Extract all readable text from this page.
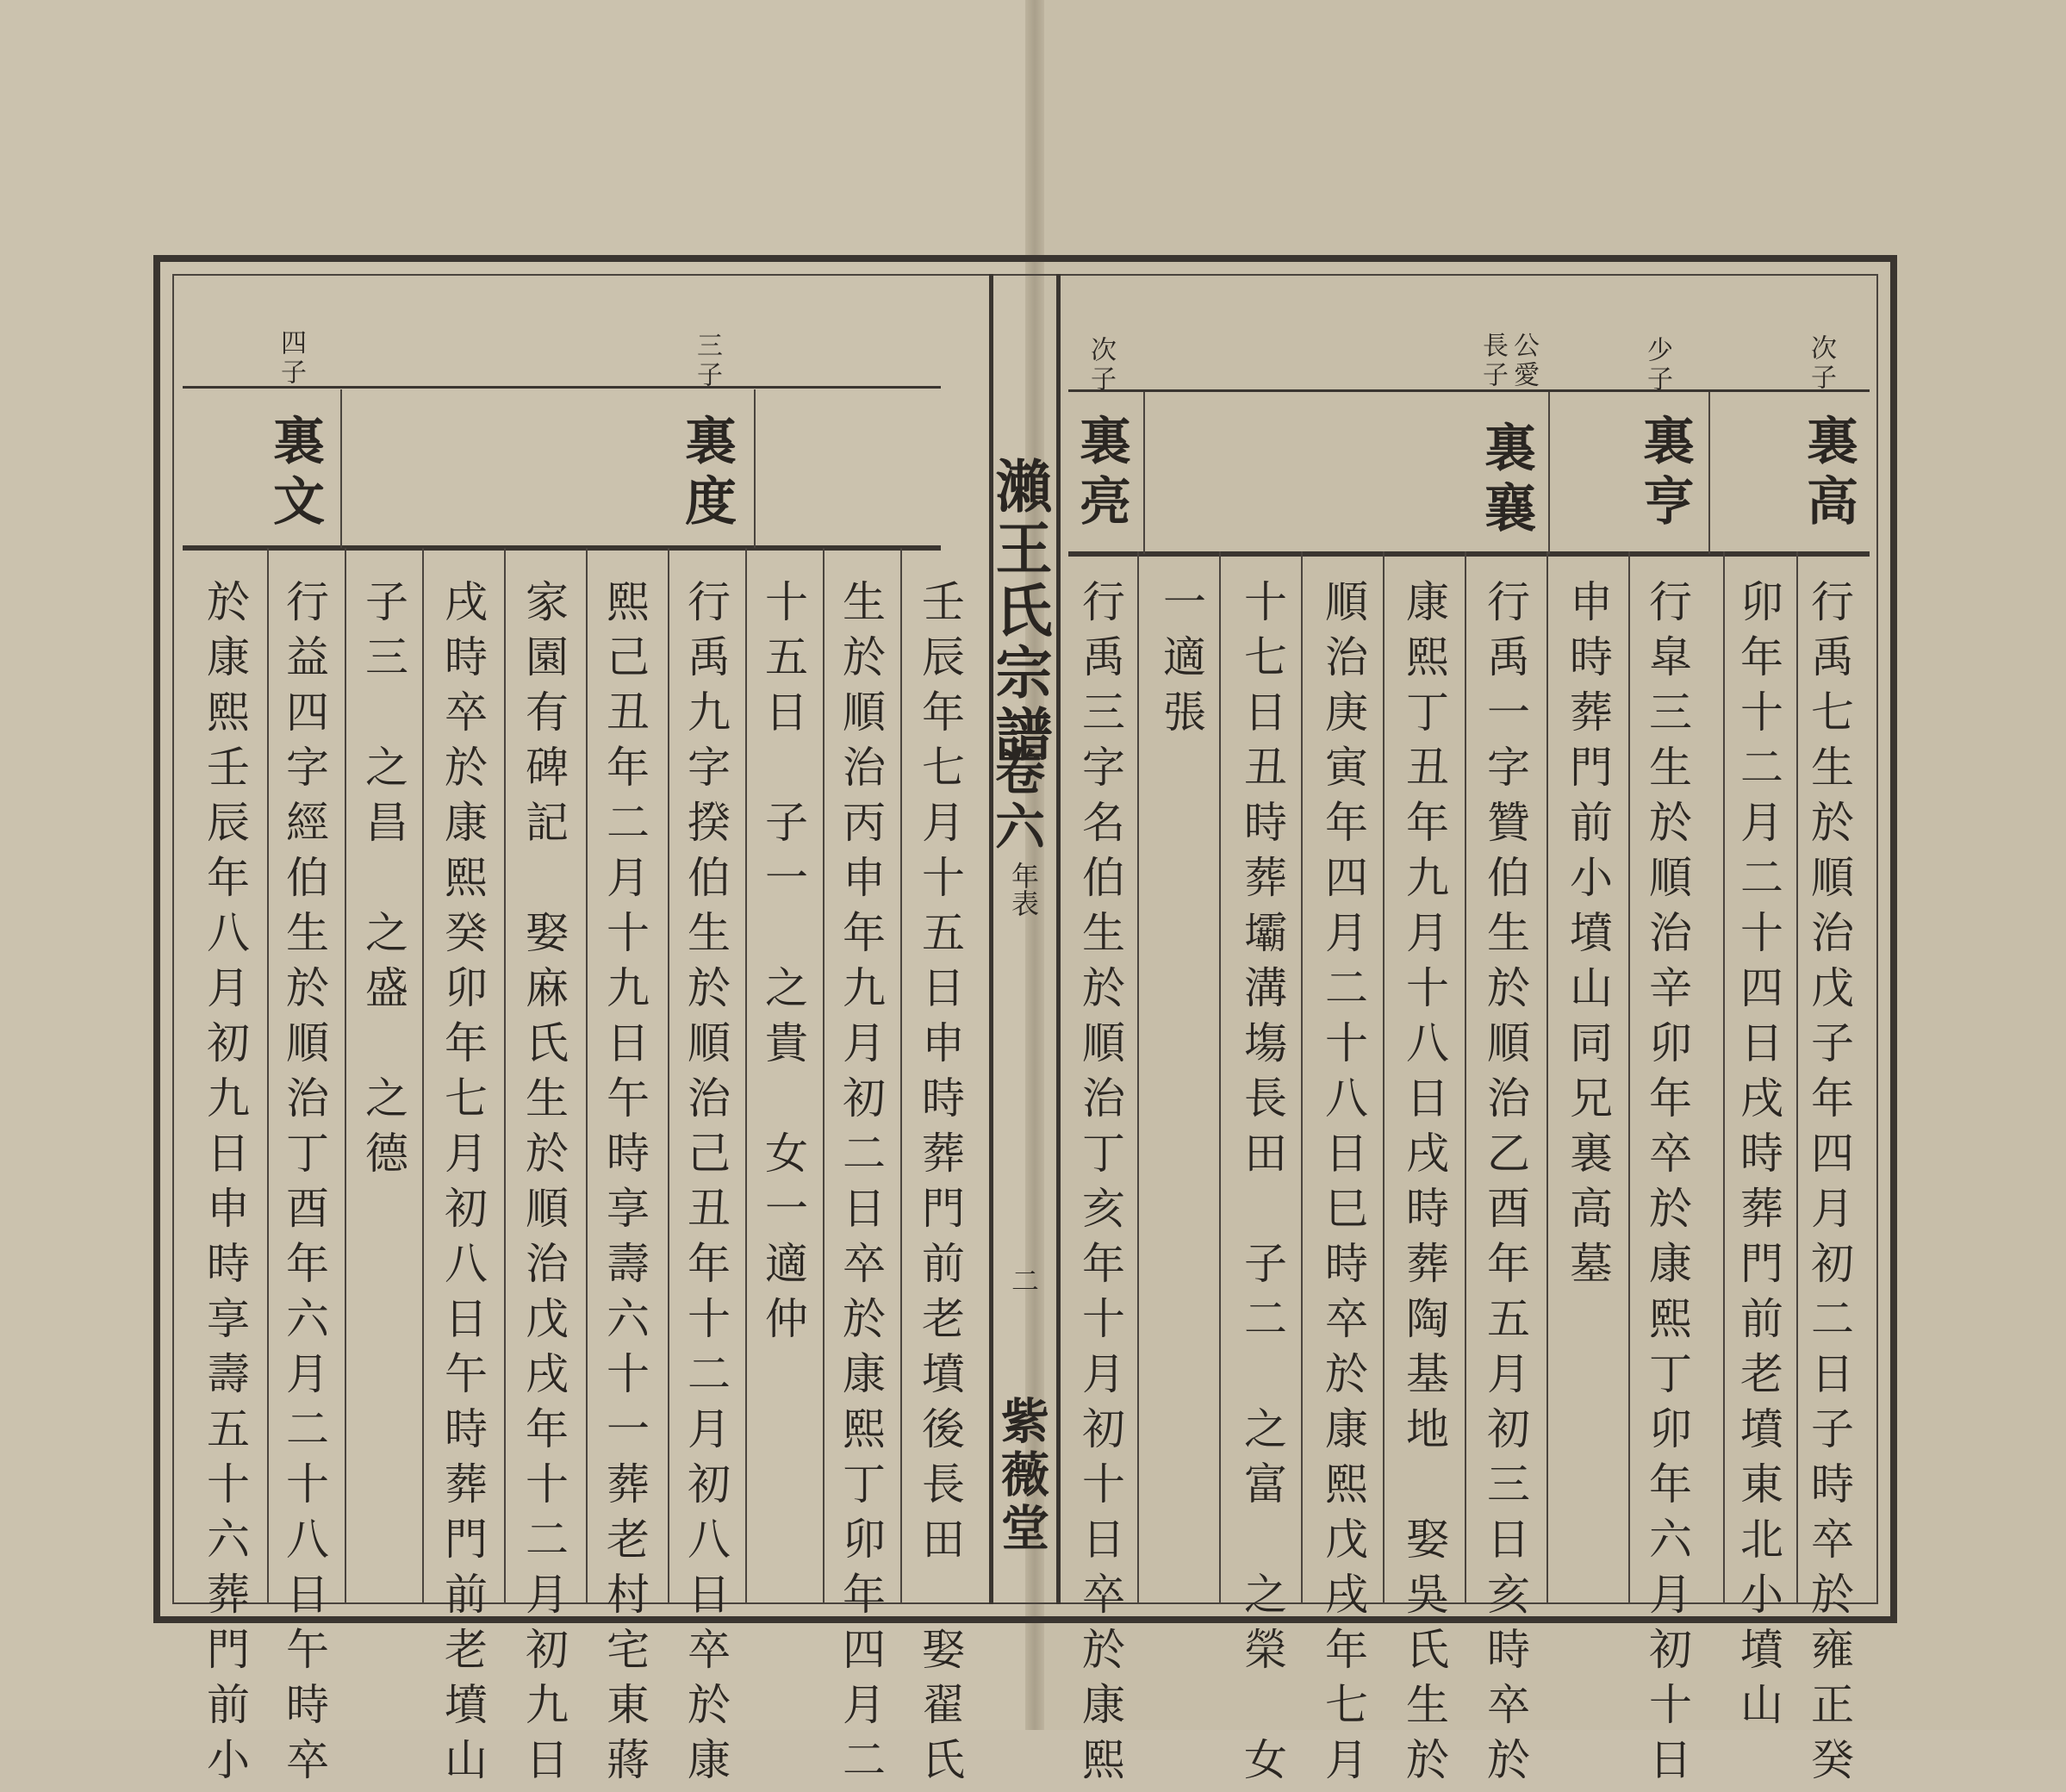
瀨王氏宗譜
卷六
年表
二
紫薇堂
次子
裏高
少子
裏亨
公愛長子
裏襄
次子
裏亮
三子
裏度
四子
裏文
行禹七生於順治戊子年四月初二日子時卒於雍正癸
卯年十二月二十四日戌時葬門前老墳東北小墳山
行皐三生於順治辛卯年卒於康熙丁卯年六月初十日
申時葬門前小墳山同兄裏高墓
行禹一字贊伯生於順治乙酉年五月初三日亥時卒於
康熙丁丑年九月十八日戌時葬陶基地　娶吳氏生於
順治庚寅年四月二十八日巳時卒於康熙戊戌年七月
十七日丑時葬壩溝塲長田　子二　之富　之榮　女
一適張
行禹三字名伯生於順治丁亥年十月初十日卒於康熙
壬辰年七月十五日申時葬門前老墳後長田　娶翟氏
生於順治丙申年九月初二日卒於康熙丁卯年四月二
十五日　子一　之貴　女一適仲
行禹九字揆伯生於順治己丑年十二月初八日卒於康
熙己丑年二月十九日午時享壽六十一葬老村宅東蔣
家園有碑記　娶麻氏生於順治戊戌年十二月初九日
戌時卒於康熙癸卯年七月初八日午時葬門前老墳山
子三　之昌　之盛　之德
行益四字經伯生於順治丁酉年六月二十八日午時卒
於康熙壬辰年八月初九日申時享壽五十六葬門前小
